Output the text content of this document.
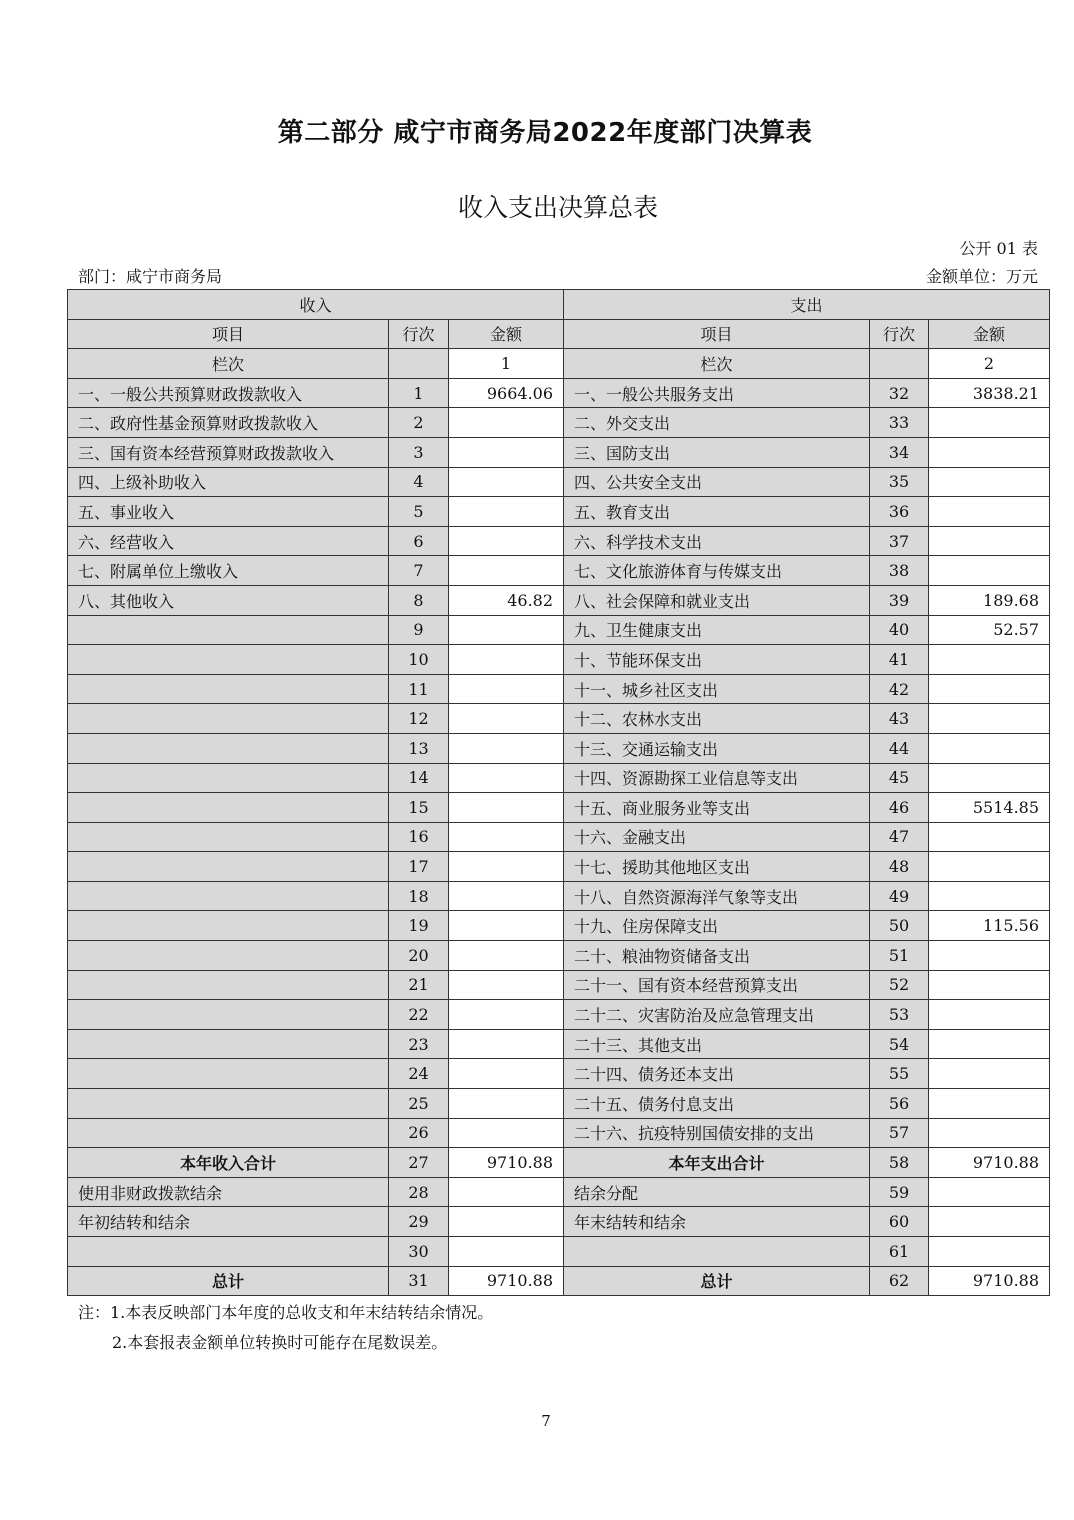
第二部分 咸宁市商务局2022年度部门决算表
收入支出决算总表
公开 01 表
部门：咸宁市商务局	金额单位：万元
收入			支出		
项目	行次	金额	项目	行次	金额
栏次		1	栏次		2
一、一般公共预算财政拨款收入	1	9664.06	一、一般公共服务支出	32	3838.21
二、政府性基金预算财政拨款收入	2		二、外交支出	33	
三、国有资本经营预算财政拨款收入	3		三、国防支出	34	
四、上级补助收入	4		四、公共安全支出	35	
五、事业收入	5		五、教育支出	36	
六、经营收入	6		六、科学技术支出	37	
七、附属单位上缴收入	7		七、文化旅游体育与传媒支出	38	
八、其他收入	8	46.82	八、社会保障和就业支出	39	189.68
	9		九、卫生健康支出	40	52.57
	10		十、节能环保支出	41	
	11		十一、城乡社区支出	42	
	12		十二、农林水支出	43	
	13		十三、交通运输支出	44	
	14		十四、资源勘探工业信息等支出	45	
	15		十五、商业服务业等支出	46	5514.85
	16		十六、金融支出	47	
	17		十七、援助其他地区支出	48	
	18		十八、自然资源海洋气象等支出	49	
	19		十九、住房保障支出	50	115.56
	20		二十、粮油物资储备支出	51	
	21		二十一、国有资本经营预算支出	52	
	22		二十二、灾害防治及应急管理支出	53	
	23		二十三、其他支出	54	
	24		二十四、债务还本支出	55	
	25		二十五、债务付息支出	56	
	26		二十六、抗疫特别国债安排的支出	57	
本年收入合计	27	9710.88	本年支出合计	58	9710.88
使用非财政拨款结余	28		结余分配	59	
年初结转和结余	29		年末结转和结余	60	
	30			61	
总计	31	9710.88	总计	62	9710.88
注：1.本表反映部门本年度的总收支和年末结转结余情况。
2.本套报表金额单位转换时可能存在尾数误差。
7
